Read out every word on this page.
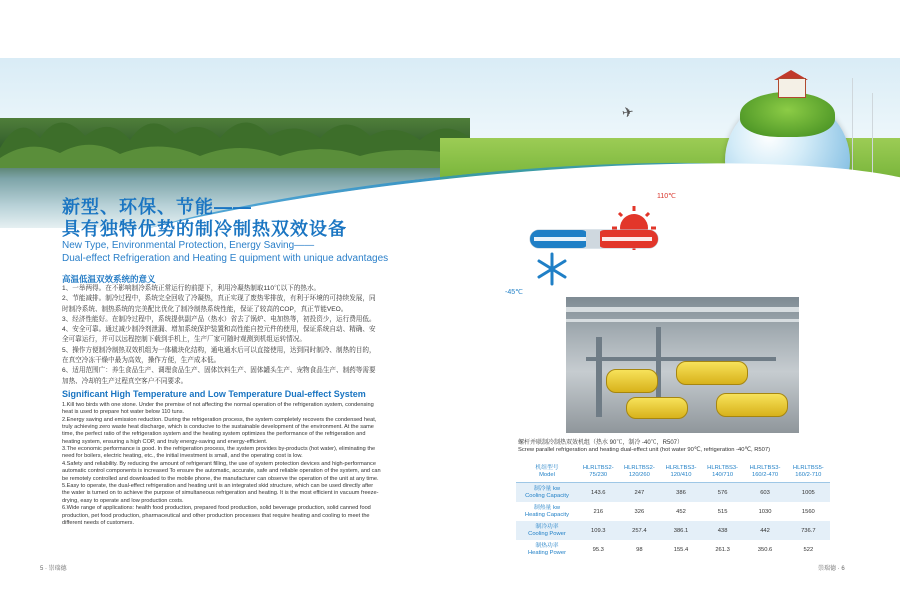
✈
新型、环保、节能——
具有独特优势的制冷制热双效设备
New Type, Environmental Protection, Energy Saving——
Dual-effect Refrigeration and Heating E quipment with unique advantages
高温低温双效系统的意义

1、一举两得。在不影响制冷系统正常运行的前提下，利用冷凝热制取110℃以下的热水。

2、节能减排。制冷过程中，系统完全回收了冷凝热，真正实现了废热零排放，有利于环境的可持续发展，同时制冷系统、制热系统的完美配比优化了制冷制热系统性能，保证了较高的COP，真正节能VEO。

3、经济性能好。在制冷过程中，系统提供副产品（热水）省去了锅炉、电加热等，初投资少，运行费用低。

4、安全可靠。通过减少制冷剂泄漏、增加系统保护装置和高性能自控元件的使用，保证系统自动、精确、安全可靠运行，并可以远程控制下载到手机上，生产厂家可随时观测到机组运转情况。

5、操作方便制冷制热双效机组为一体橇块化结构，通电通水后可以直接使用，达到同时制冷、制热的目的，在真空冷冻干燥中最为高效，操作方便，生产成本低。

6、适用范围广：养生食品生产、调理食品生产、固体饮料生产、固体罐头生产、宠物食品生产、制药等需要加热、冷却的生产过程真空客户不同要求。

Significant High Temperature and Low Temperature Dual-effect System

1.Kill two birds with one stone. Under the premise of not affecting the normal operation of the refrigeration system, condensing heat is used to prepare hot water below 110 tuns.

2.Energy saving and emission reduction. During the refrigeration process, the system completely recovers the condensed heat, truly achieving zero waste heat discharge, which is conducive to the sustainable development of the environment. At the same time, the perfect ratio of the refrigeration system and the heating system optimizes the performance of the refrigeration and heating system, ensuring a high COP, and truly energy-saving and energy-efficient.

3.The economic performance is good. In the refrigeration process, the system provides by-products (hot water), eliminating the need for boilers, electric heating, etc., the initial investment is small, and the operating cost is low.

4.Safety and reliability. By reducing the amount of refrigerant filling, the use of system protection devices and high-performance automatic control components is increased To ensure the automatic, accurate, safe and reliable operation of the system, and can be remotely controlled and downloaded to the mobile phone, the manufacturer can observe the operation of the unit at any time.

5.Easy to operate, the dual-effect refrigeration and heating unit is an integrated skid structure, which can be used directly after the water is turned on to achieve the purpose of simultaneous refrigeration and heating. It is the most efficient in vacuum freeze-drying, easy to operate and low production costs.

6.Wide range of applications: health food production, prepared food production, solid beverage production, solid canned food production, pet food production, pharmaceutical and other production processes that require heating and cooling to meet the different needs of customers.

110℃
-45℃
螺杆并联制冷制热双效机组（热水 90℃，制冷 -40℃，R507）
Screw parallel refrigeration and heating dual-effect unit (hot water 90℃, refrigeration -40℃, R507)
机组型号
Model	HLRLTBS2-75/230	HLRLTBS2-120/260	HLRLTBS3-120/410	HLRLTBS3-140/710	HLRLTBS3-160/2-470	HLRLTBS5-160/2-710

制冷量 kw
Cooling Capacity	143.6	247	386	576	603	1005

制热量 kw
Heating Capacity	216	326	452	515	1030	1560

制冷功率
Cooling Power	109.3	257.4	386.1	438	442	736.7

制热功率
Heating Power	95.3	98	155.4	261.3	350.6	522
5 · 崇瑞德	崇瑞德 · 6
